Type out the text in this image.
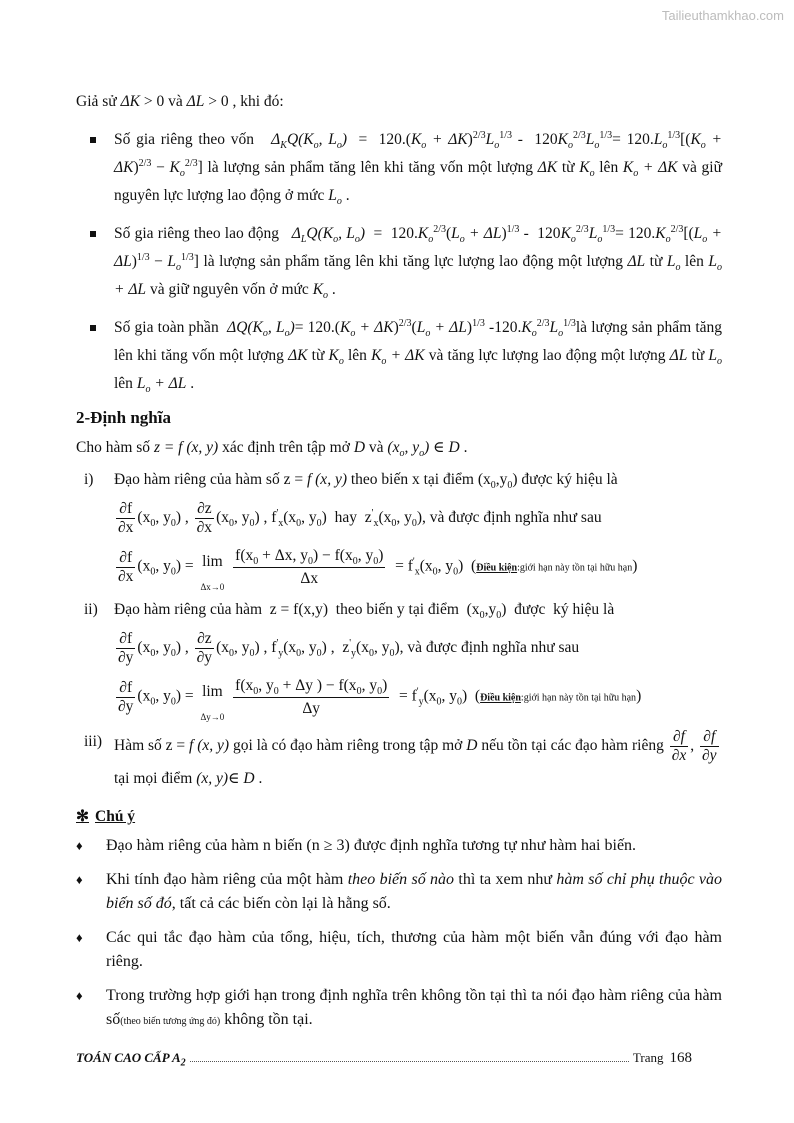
Tailieuthamkhao.com

Giả sử ΔK > 0 và ΔL > 0 , khi đó:

Số gia riêng theo vốn $\Delta_KQ(K_o$, $L_o) = 120.(K_o + \Delta K)^{2/3}L_o^{1/3} - 120K_o^{2/3}L_o^{1/3}= 120.L_o^{1/3}[(K_o + \Delta K)^{2/3} - K_o^{2/3}]$ là lượng sản phẩm tăng lên khi tăng vốn một lượng ΔK từ $K_o$ lên $K_o + \Delta K$ và giữ nguyên lực lượng lao động ở mức $L_o$ .
Số gia riêng theo lao động $\Delta_LQ(K_o$, $L_o) = 120.K_o^{2/3}(L_o + \Delta L)^{1/3} - 120K_o^{2/3}L_o^{1/3}= 120.K_o^{2/3}[(L_o + \Delta L)^{1/3} - L_o^{1/3}]$ là lượng sản phẩm tăng lên khi tăng lực lượng lao động một lượng ΔL từ $L_o$ lên $L_o + \Delta L$ và giữ nguyên vốn ở mức $K_o$ .
Số gia toàn phần $\Delta Q(K_o$, $L_o)= 120.(K_o + \Delta K)^{2/3}(L_o + \Delta L)^{1/3}$ $-120.K_o^{2/3}L_o^{1/3}là$ lượng sản phẩm tăng lên khi tăng vốn một lượng ΔK từ $K_o$ lên $K_o + \Delta K$ và tăng lực lượng lao động một lượng ΔL từ $L_o$ lên $L_o + \Delta L$ .
2-Định nghĩa

Cho hàm số z = f (x, y) xác định trên tập mở D và ($x_o$, $y_o$) ∈ D .

i) Đạo hàm riêng của hàm số z = f (x, y) theo biến x tại điểm $(x_0,y_0)$ được ký hiệu là
$\frac{\partial f}{\partial x} (x_0$, $y_0$) , $\frac{\partial z}{\partial x} (x_0$, $y_0$) , $f'_x(x_0$, $y_0$)  hay  $z'_x(x_0$, $y_0$), và được định nghĩa như sau
$\frac{\partial f}{\partial x} (x_0$, $y_0) = \lim$
Δx→0
$\frac{f(x_0 + \Delta x, y_0) - f(x_0, y_0)}{\Delta x} = f'_x(x_0$, $y_0$)  (Điều kiện:giới hạn này tồn tại hữu hạn)
ii) Đạo hàm riêng của hàm  z = f(x,y)  theo biến y tại điểm  $(x_0,y_0)$  được  ký hiệu là
$\frac{\partial f}{\partial y} (x_0$, $y_0$) , $\frac{\partial z}{\partial y} (x_0$, $y_0$) , $f'_y(x_0$, $y_0$) ,  $z'_y(x_0$, $y_0$), và được định nghĩa như sau
$\frac{\partial f}{\partial y} (x_0$, $y_0) = \lim$
Δy→0
$\frac{f(x_0, y_0 + \Delta y ) - f(x_0, y_0)}{\Delta y} = f'_y(x_0$, $y_0$)  (Điều kiện:giới hạn này tồn tại hữu hạn)
iii) Hàm số z = f (x, y) gọi là có đạo hàm riêng trong tập mở D nếu tồn tại các đạo hàm riêng $\frac{\partial f}{\partial x}$ , $\frac{\partial f}{\partial y}$
tại mọi điểm (x, y)∈ D .
✻ Chú ý
♦ Đạo hàm riêng của hàm n biến (n ≥ 3) được định nghĩa tương tự như hàm hai biến.
♦ Khi tính đạo hàm riêng của một hàm theo biến số nào thì ta xem như hàm số chỉ phụ thuộc vào biến số đó, tất cả các biến còn lại là hằng số.
♦ Các qui tắc đạo hàm của tổng, hiệu, tích, thương của hàm một biến vẫn đúng với đạo hàm riêng.
♦ Trong trường hợp giới hạn trong định nghĩa trên không tồn tại thì ta nói đạo hàm riêng của hàm số(theo biến tương ứng đó) không tồn tại.
TOÁN CAO CẤP $A_2$	Trang 168
